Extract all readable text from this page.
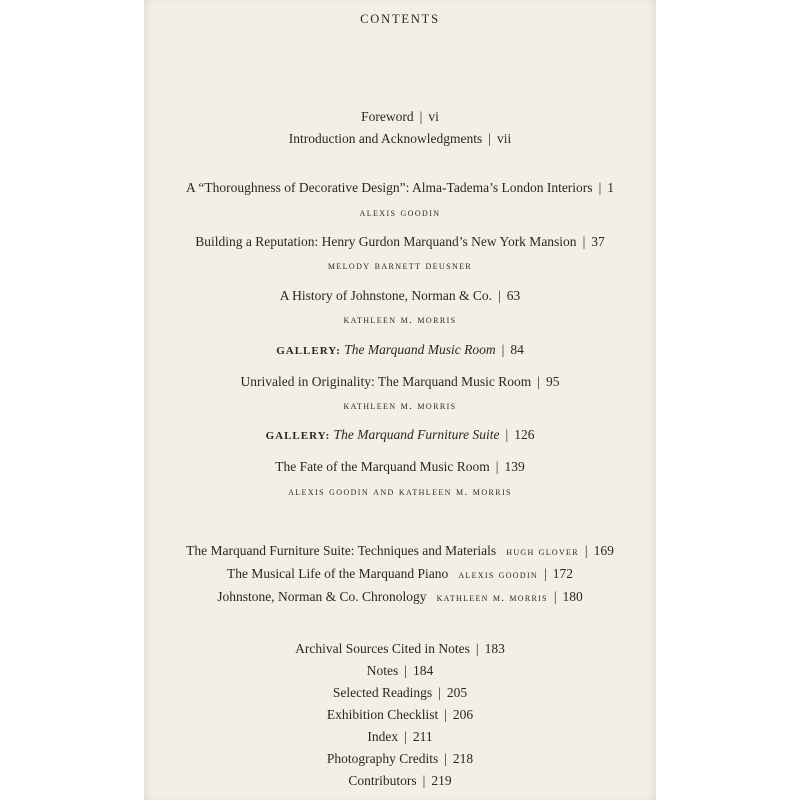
CONTENTS
Foreword | vi
Introduction and Acknowledgments | vii
A “Thoroughness of Decorative Design”: Alma-Tadema’s London Interiors | 1
alexis goodin
Building a Reputation: Henry Gurdon Marquand’s New York Mansion | 37
melody barnett deusner
A History of Johnstone, Norman & Co. | 63
kathleen m. morris
GALLERY: The Marquand Music Room | 84
Unrivaled in Originality: The Marquand Music Room | 95
kathleen m. morris
GALLERY: The Marquand Furniture Suite | 126
The Fate of the Marquand Music Room | 139
alexis goodin and kathleen m. morris
The Marquand Furniture Suite: Techniques and Materials hugh glover | 169
The Musical Life of the Marquand Piano alexis goodin | 172
Johnstone, Norman & Co. Chronology kathleen m. morris | 180
Archival Sources Cited in Notes | 183
Notes | 184
Selected Readings | 205
Exhibition Checklist | 206
Index | 211
Photography Credits | 218
Contributors | 219
